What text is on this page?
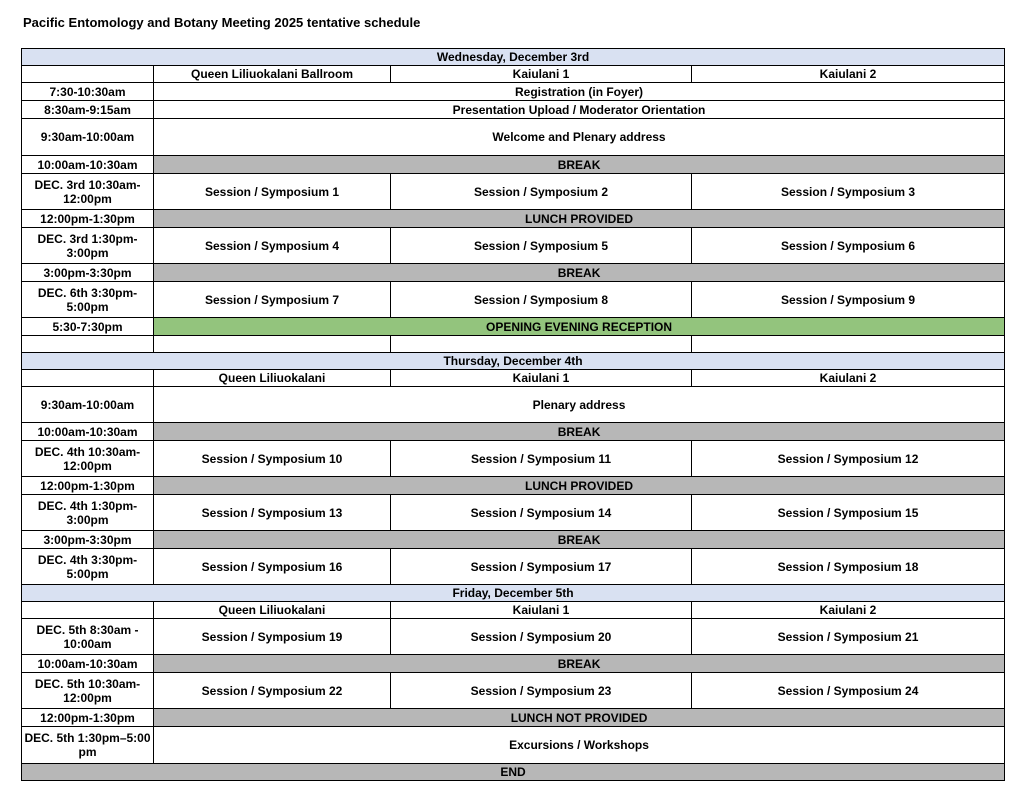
Pacific Entomology and Botany Meeting 2025 tentative schedule
Wednesday, December 3rd			
	Queen Liliuokalani Ballroom	Kaiulani 1	Kaiulani 2
7:30-10:30am	Registration (in Foyer)		
8:30am-9:15am	Presentation Upload / Moderator Orientation		
9:30am-10:00am	Welcome and Plenary address		
10:00am-10:30am	BREAK		
DEC. 3rd 10:30am-12:00pm	Session / Symposium 1	Session / Symposium 2	Session / Symposium 3
12:00pm-1:30pm	LUNCH PROVIDED		
DEC. 3rd 1:30pm-3:00pm	Session / Symposium 4	Session / Symposium 5	Session / Symposium 6
3:00pm-3:30pm	BREAK		
DEC. 6th 3:30pm-5:00pm	Session / Symposium 7	Session / Symposium 8	Session / Symposium 9
5:30-7:30pm	OPENING EVENING RECEPTION		

Thursday, December 4th			
	Queen Liliuokalani	Kaiulani 1	Kaiulani 2
9:30am-10:00am	Plenary address		
10:00am-10:30am	BREAK		
DEC. 4th 10:30am-12:00pm	Session / Symposium 10	Session / Symposium 11	Session / Symposium 12
12:00pm-1:30pm	LUNCH PROVIDED		
DEC. 4th 1:30pm-3:00pm	Session / Symposium 13	Session / Symposium 14	Session / Symposium 15
3:00pm-3:30pm	BREAK		
DEC. 4th 3:30pm-5:00pm	Session / Symposium 16	Session / Symposium 17	Session / Symposium 18
Friday, December 5th			
	Queen Liliuokalani	Kaiulani 1	Kaiulani 2
DEC. 5th 8:30am - 10:00am	Session / Symposium 19	Session / Symposium 20	Session / Symposium 21
10:00am-10:30am	BREAK		
DEC. 5th 10:30am-12:00pm	Session / Symposium 22	Session / Symposium 23	Session / Symposium 24
12:00pm-1:30pm	LUNCH NOT PROVIDED		
DEC. 5th 1:30pm–5:00 pm	Excursions / Workshops		
END			
